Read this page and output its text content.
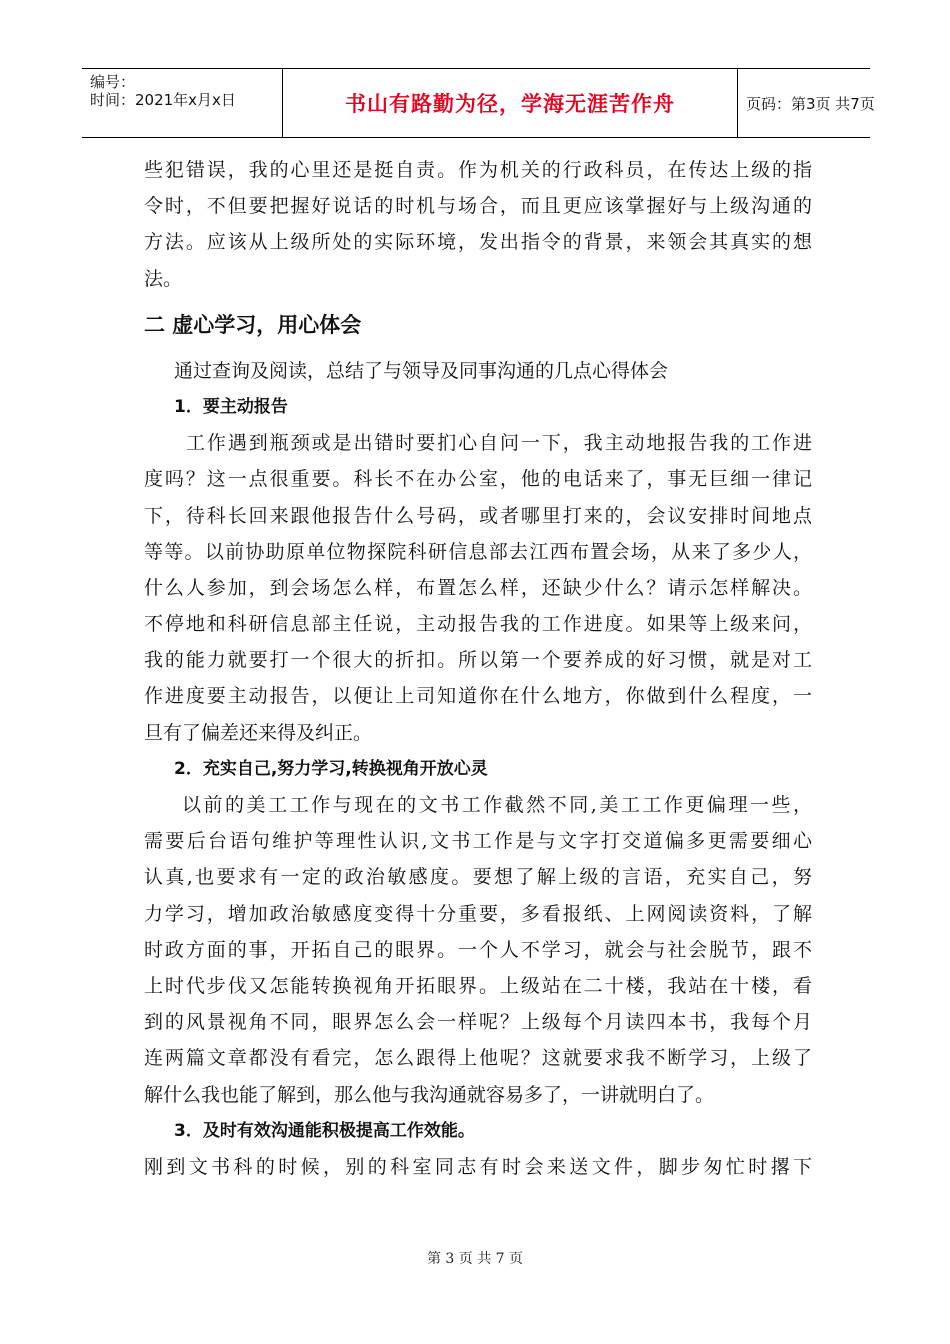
编号：
时间：2021年x月x日	书山有路勤为径，学海无涯苦作舟	页码：第3页 共7页
些犯错误，我的心里还是挺自责。作为机关的行政科员，在传达上级的指
令时，不但要把握好说话的时机与场合，而且更应该掌握好与上级沟通的
方法。应该从上级所处的实际环境，发出指令的背景，来领会其真实的想
法。
二 虚心学习，用心体会
通过查询及阅读，总结了与领导及同事沟通的几点心得体会
1．要主动报告
工作遇到瓶颈或是出错时要扪心自问一下，我主动地报告我的工作进
度吗？这一点很重要。科长不在办公室，他的电话来了，事无巨细一律记
下，待科长回来跟他报告什么号码，或者哪里打来的，会议安排时间地点
等等。以前协助原单位物探院科研信息部去江西布置会场，从来了多少人，
什么人参加，到会场怎么样，布置怎么样，还缺少什么？请示怎样解决。
不停地和科研信息部主任说，主动报告我的工作进度。如果等上级来问，
我的能力就要打一个很大的折扣。所以第一个要养成的好习惯，就是对工
作进度要主动报告，以便让上司知道你在什么地方，你做到什么程度，一
旦有了偏差还来得及纠正。
2．充实自己,努力学习,转换视角开放心灵
以前的美工工作与现在的文书工作截然不同,美工工作更偏理一些，
需要后台语句维护等理性认识,文书工作是与文字打交道偏多更需要细心
认真,也要求有一定的政治敏感度。要想了解上级的言语，充实自己，努
力学习，增加政治敏感度变得十分重要，多看报纸、上网阅读资料，了解
时政方面的事，开拓自己的眼界。一个人不学习，就会与社会脱节，跟不
上时代步伐又怎能转换视角开拓眼界。上级站在二十楼，我站在十楼，看
到的风景视角不同，眼界怎么会一样呢？上级每个月读四本书，我每个月
连两篇文章都没有看完，怎么跟得上他呢？这就要求我不断学习，上级了
解什么我也能了解到，那么他与我沟通就容易多了，一讲就明白了。
3．及时有效沟通能积极提高工作效能。
刚到文书科的时候，别的科室同志有时会来送文件，脚步匆忙时撂下
第 3 页 共 7 页
